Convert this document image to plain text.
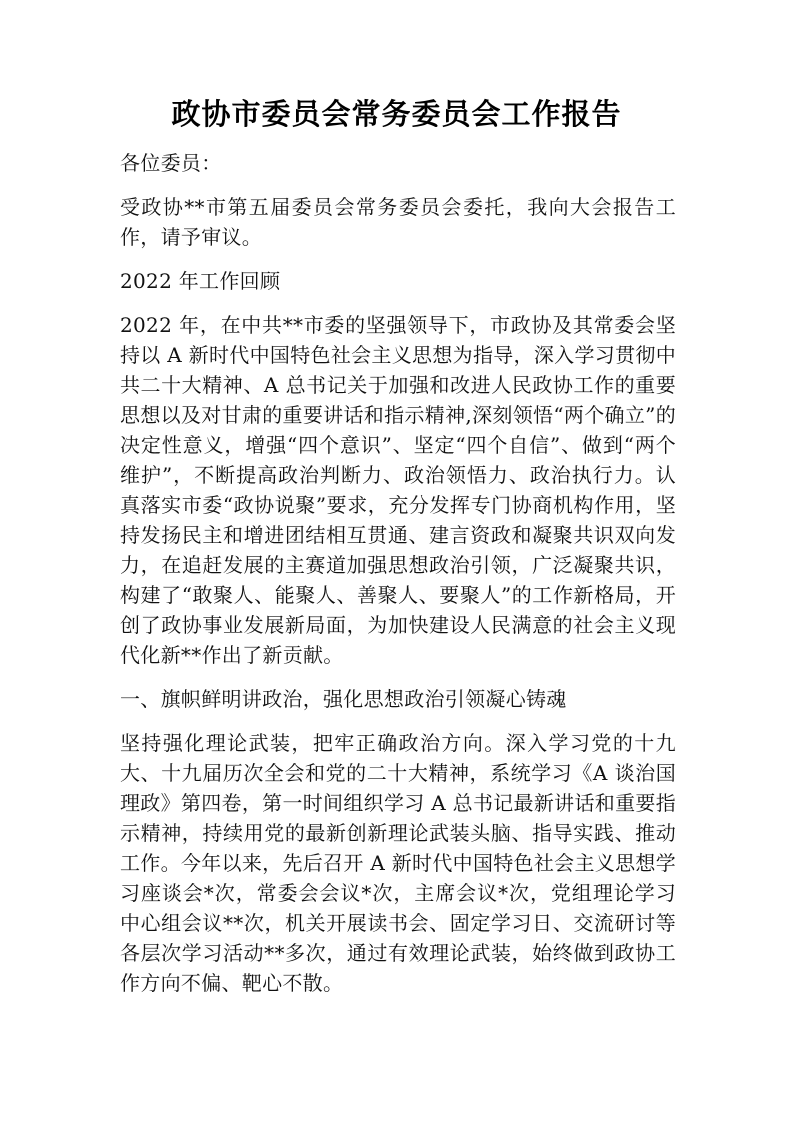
政协市委员会常务委员会工作报告

各位委员：

受政协**市第五届委员会常务委员会委托，我向大会报告工作，请予审议。

2022 年工作回顾

2022 年，在中共**市委的坚强领导下，市政协及其常委会坚持以 A 新时代中国特色社会主义思想为指导，深入学习贯彻中共二十大精神、A 总书记关于加强和改进人民政协工作的重要思想以及对甘肃的重要讲话和指示精神,深刻领悟“两个确立”的决定性意义，增强“四个意识”、坚定“四个自信”、做到“两个维护”，不断提高政治判断力、政治领悟力、政治执行力。认真落实市委“政协说聚”要求，充分发挥专门协商机构作用，坚持发扬民主和增进团结相互贯通、建言资政和凝聚共识双向发力，在追赶发展的主赛道加强思想政治引领，广泛凝聚共识，构建了“敢聚人、能聚人、善聚人、要聚人”的工作新格局，开创了政协事业发展新局面，为加快建设人民满意的社会主义现代化新**作出了新贡献。

一、旗帜鲜明讲政治，强化思想政治引领凝心铸魂

坚持强化理论武装，把牢正确政治方向。深入学习党的十九大、十九届历次全会和党的二十大精神，系统学习《A 谈治国理政》第四卷，第一时间组织学习 A 总书记最新讲话和重要指示精神，持续用党的最新创新理论武装头脑、指导实践、推动工作。今年以来，先后召开 A 新时代中国特色社会主义思想学习座谈会*次，常委会会议*次，主席会议*次，党组理论学习中心组会议**次，机关开展读书会、固定学习日、交流研讨等各层次学习活动**多次，通过有效理论武装，始终做到政协工作方向不偏、靶心不散。
